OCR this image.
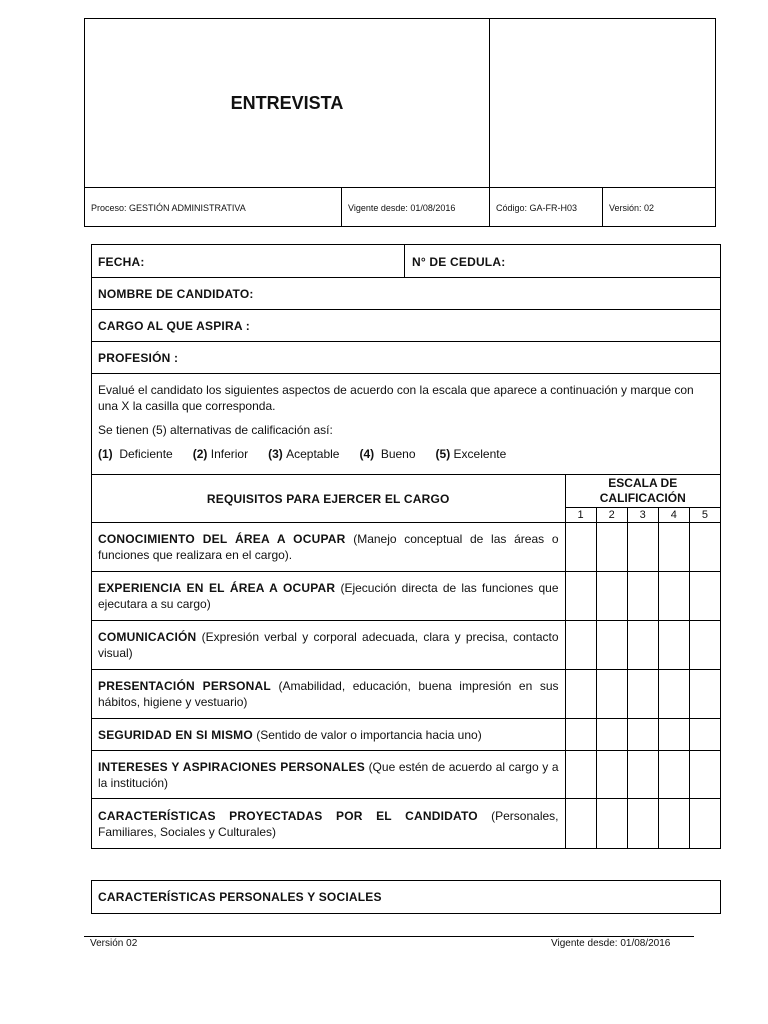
ENTREVISTA
Proceso: GESTIÓN ADMINISTRATIVA	Vigente desde: 01/08/2016	Código: GA-FR-H03	Versión: 02
FECHA:	N° DE CEDULA:
NOMBRE DE CANDIDATO:
CARGO AL QUE ASPIRA :
PROFESIÓN :
Evalué el candidato los siguientes aspectos de acuerdo con la escala que aparece a continuación y marque con una X la casilla que corresponda.
Se tienen (5) alternativas de calificación así:
(1) Deficiente (2) Inferior (3) Aceptable (4) Bueno (5) Excelente
REQUISITOS PARA EJERCER EL CARGO	ESCALA DE CALIFICACIÓN				
	1	2	3	4	5
CONOCIMIENTO DEL ÁREA A OCUPAR (Manejo conceptual de las áreas o funciones que realizara en el cargo).					
EXPERIENCIA EN EL ÁREA A OCUPAR (Ejecución directa de las funciones que ejecutara a su cargo)					
COMUNICACIÓN (Expresión verbal y corporal adecuada, clara y precisa, contacto visual)					
PRESENTACIÓN PERSONAL (Amabilidad, educación, buena impresión en sus hábitos, higiene y vestuario)					
SEGURIDAD EN SI MISMO (Sentido de valor o importancia hacia uno)					
INTERESES Y ASPIRACIONES PERSONALES (Que estén de acuerdo al cargo y a la institución)					
CARACTERÍSTICAS PROYECTADAS POR EL CANDIDATO (Personales, Familiares, Sociales y Culturales)					
CARACTERÍSTICAS PERSONALES Y SOCIALES
Versión 02	Vigente desde: 01/08/2016
